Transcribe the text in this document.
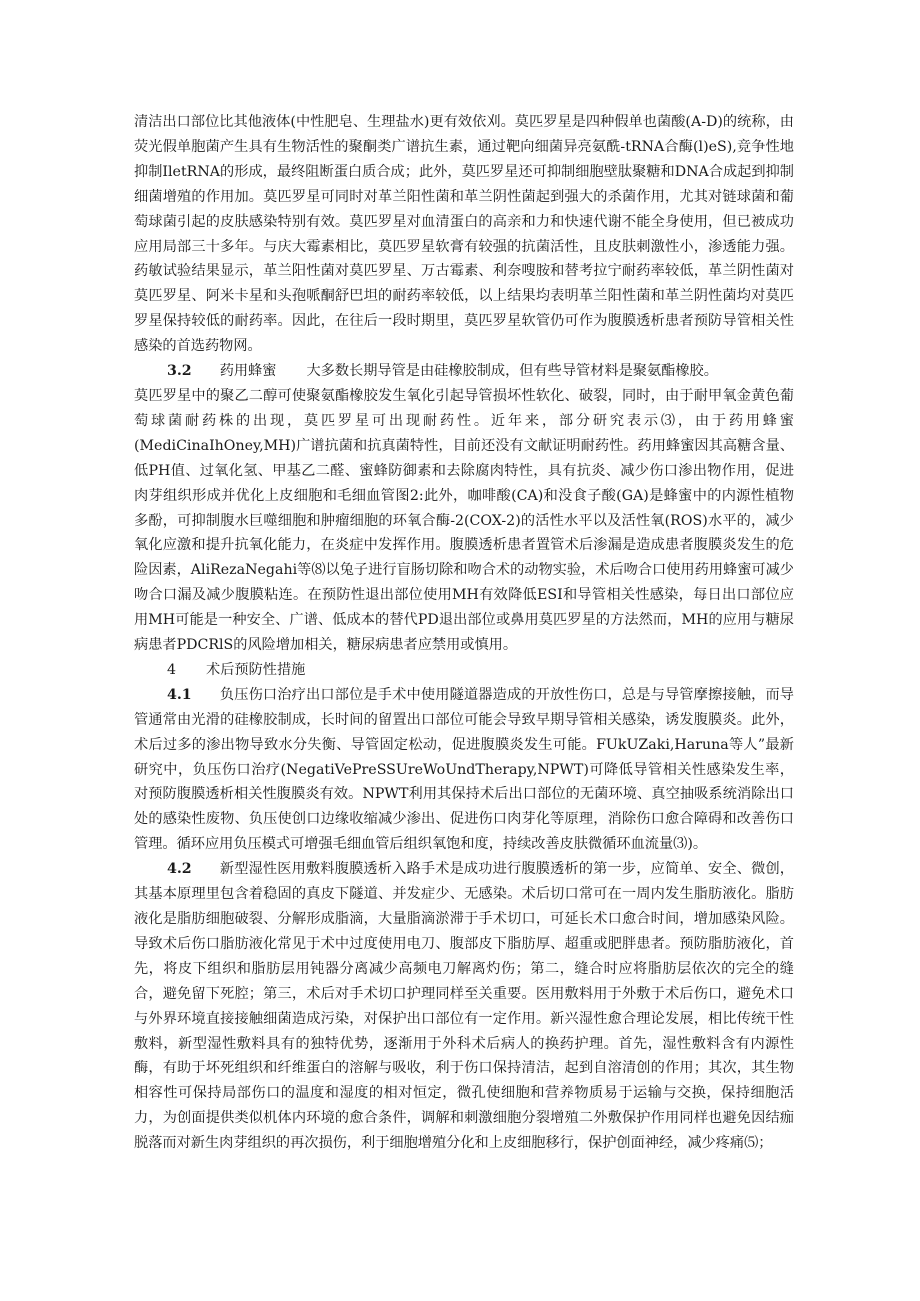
清洁出口部位比其他液体(中性肥皂、生理盐水)更有效依刈。莫匹罗星是四种假单也菌酸(A-D)的统称，由荧光假单胞菌产生具有生物活性的聚酮类广谱抗生素，通过靶向细菌异亮氨酰-tRNA合酶(l)eS),竞争性地抑制IletRNA的形成，最终阻断蛋白质合成；此外，莫匹罗星还可抑制细胞壁肽聚糖和DNA合成起到抑制细菌增殖的作用加。莫匹罗星可同时对革兰阳性菌和革兰阴性菌起到强大的杀菌作用，尤其对链球菌和葡萄球菌引起的皮肤感染特别有效。莫匹罗星对血清蛋白的高亲和力和快速代谢不能全身使用，但已被成功应用局部三十多年。与庆大霉素相比，莫匹罗星软膏有较强的抗菌活性，且皮肤刺激性小，渗透能力强。药敏试验结果显示，革兰阳性菌对莫匹罗星、万古霉素、利奈嗖胺和替考拉宁耐药率较低，革兰阴性菌对莫匹罗星、阿米卡星和头孢哌酮舒巴坦的耐药率较低，以上结果均表明革兰阳性菌和革兰阴性菌均对莫匹罗星保持较低的耐药率。因此，在往后一段时期里，莫匹罗星软管仍可作为腹膜透析患者预防导管相关性感染的首选药物网。

3.2 药用蜂蜜 大多数长期导管是由硅橡胶制成，但有些导管材料是聚氨酯橡胶。

莫匹罗星中的聚乙二醇可使聚氨酯橡胶发生氧化引起导管损坏性软化、破裂，同时，由于耐甲氧金黄色葡萄球菌耐药株的出现，莫匹罗星可出现耐药性。近年来，部分研究表示⑶，由于药用蜂蜜(MediCinaIhOney,MH)广谱抗菌和抗真菌特性，目前还没有文献证明耐药性。药用蜂蜜因其高糖含量、低PH值、过氧化氢、甲基乙二醛、蜜蜂防御素和去除腐肉特性，具有抗炎、减少伤口渗出物作用，促进肉芽组织形成并优化上皮细胞和毛细血管图2:此外，咖啡酸(CA)和没食子酸(GA)是蜂蜜中的内源性植物多酚，可抑制腹水巨噬细胞和肿瘤细胞的环氧合酶-2(COX-2)的活性水平以及活性氧(ROS)水平的，减少氧化应激和提升抗氧化能力，在炎症中发挥作用。腹膜透析患者置管术后渗漏是造成患者腹膜炎发生的危险因素，AliRezaNegahi等⑻以兔子进行盲肠切除和吻合术的动物实验，术后吻合口使用药用蜂蜜可减少吻合口漏及减少腹膜粘连。在预防性退出部位使用MH有效降低ESI和导管相关性感染，每日出口部位应用MH可能是一种安全、广谱、低成本的替代PD退出部位或鼻用莫匹罗星的方法然而，MH的应用与糖尿病患者PDCRlS的风险增加相关，糖尿病患者应禁用或慎用。

4 术后预防性措施

4.1 负压伤口治疗出口部位是手术中使用隧道器造成的开放性伤口，总是与导管摩擦接触，而导管通常由光滑的硅橡胶制成，长时间的留置出口部位可能会导致早期导管相关感染，诱发腹膜炎。此外，术后过多的渗出物导致水分失衡、导管固定松动，促进腹膜炎发生可能。FUkUZaki,Haruna等人”最新研究中，负压伤口治疗(NegatiVePreSSUreWoUndTherapy,NPWT)可降低导管相关性感染发生率，对预防腹膜透析相关性腹膜炎有效。NPWT利用其保持术后出口部位的无菌环境、真空抽吸系统消除出口处的感染性废物、负压使创口边缘收缩减少渗出、促进伤口肉芽化等原理，消除伤口愈合障碍和改善伤口管理。循环应用负压模式可增强毛细血管后组织氧饱和度，持续改善皮肤微循环血流量⑶)。

4.2 新型湿性医用敷料腹膜透析入路手术是成功进行腹膜透析的第一步，应简单、安全、微创，其基本原理里包含着稳固的真皮下隧道、并发症少、无感染。术后切口常可在一周内发生脂肪液化。脂肪液化是脂肪细胞破裂、分解形成脂滴，大量脂滴淤滞于手术切口，可延长术口愈合时间，增加感染风险。导致术后伤口脂肪液化常见于术中过度使用电刀、腹部皮下脂肪厚、超重或肥胖患者。预防脂肪液化，首先，将皮下组织和脂肪层用钝器分离减少高频电刀解离灼伤；第二，缝合时应将脂肪层依次的完全的缝合，避免留下死腔；第三，术后对手术切口护理同样至关重要。医用敷料用于外敷于术后伤口，避免术口与外界环境直接接触细菌造成污染，对保护出口部位有一定作用。新兴湿性愈合理论发展，相比传统干性敷料，新型湿性敷料具有的独特优势，逐渐用于外科术后病人的换药护理。首先，湿性敷料含有内源性酶，有助于坏死组织和纤维蛋白的溶解与吸收，利于伤口保持清洁，起到自溶清创的作用；其次，其生物相容性可保持局部伤口的温度和湿度的相对恒定，微孔使细胞和营养物质易于运输与交换，保持细胞活力，为创面提供类似机体内环境的愈合条件，调解和刺激细胞分裂增殖二外敷保护作用同样也避免因结痂脱落而对新生肉芽组织的再次损伤，利于细胞增殖分化和上皮细胞移行，保护创面神经，减少疼痛⑸；
